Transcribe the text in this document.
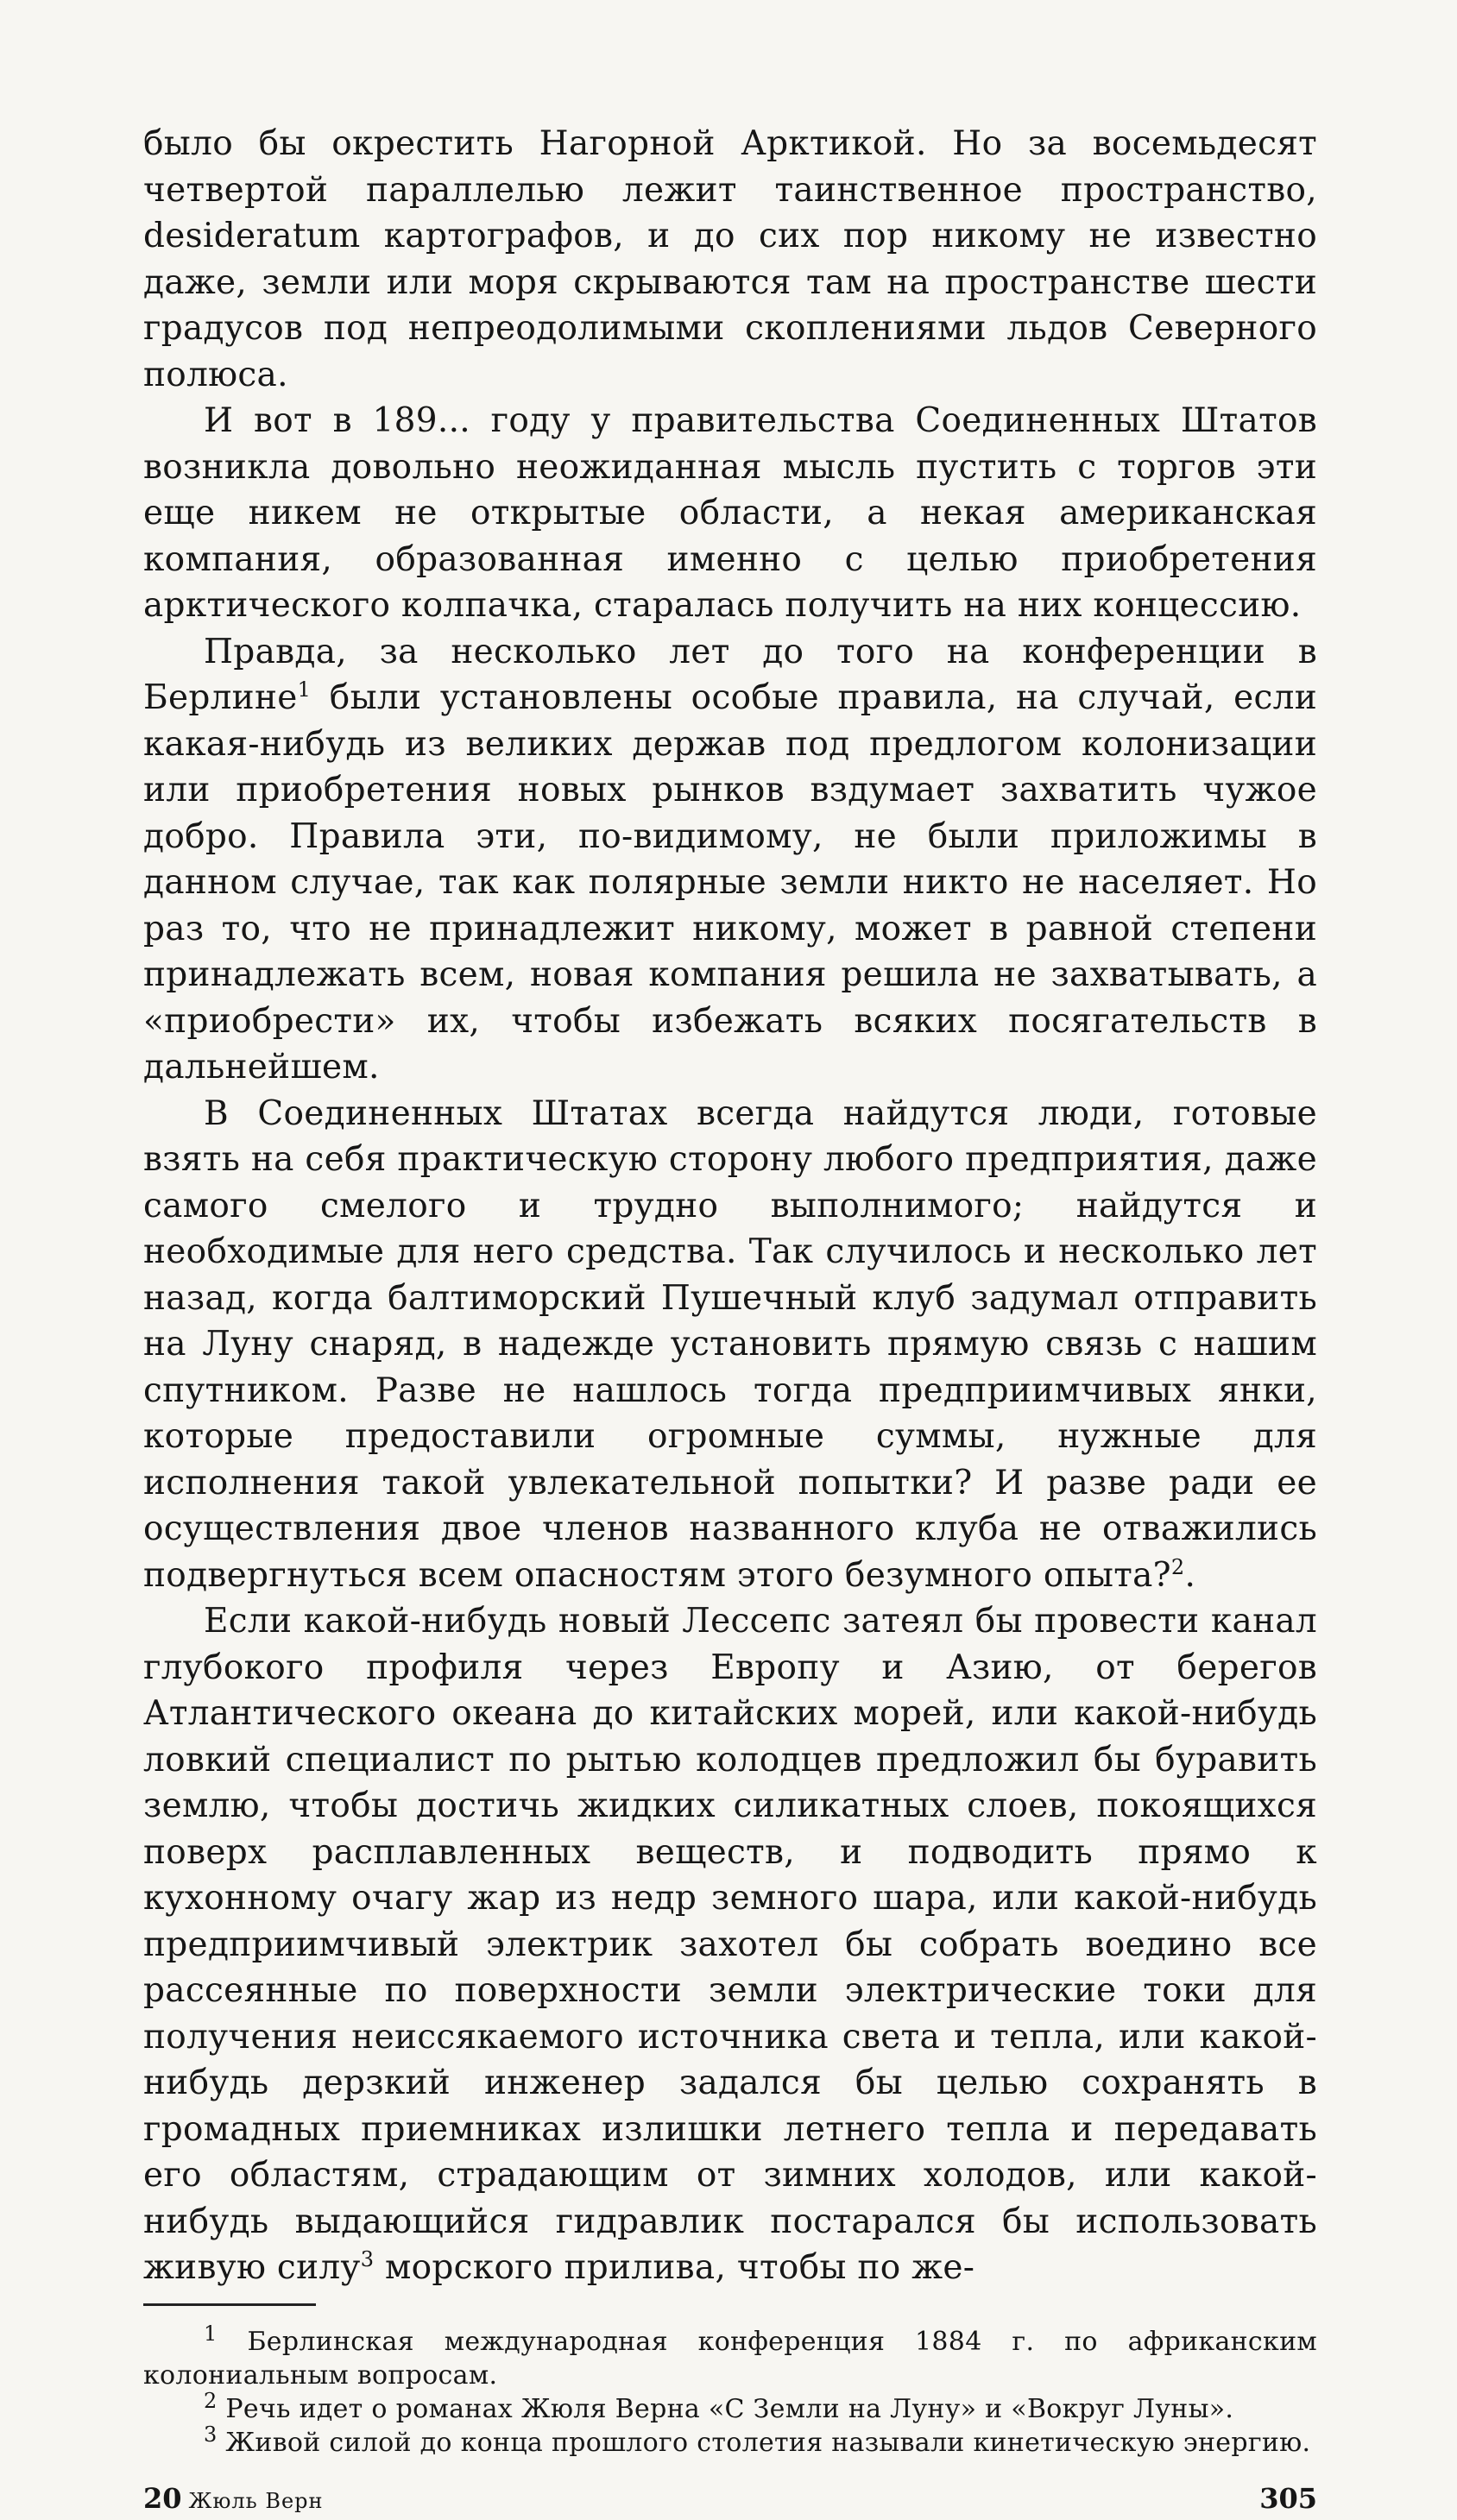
было бы окрестить Нагорной Арктикой. Но за восемьдесят четвертой параллелью лежит таинственное пространство, desideratum картографов, и до сих пор никому не известно даже, земли или моря скрываются там на пространстве шести градусов под непреодолимыми скоплениями льдов Северного полюса.

И вот в 189... году у правительства Соединенных Штатов возникла довольно неожиданная мысль пустить с торгов эти еще никем не открытые области, а некая американская компания, образованная именно с целью приобретения арктического колпачка, старалась получить на них концессию.

Правда, за несколько лет до того на конференции в Берлине$^1$ были установлены особые правила, на случай, если какая-нибудь из великих держав под предлогом колонизации или приобретения новых рынков вздумает захватить чужое добро. Правила эти, по-видимому, не были приложимы в данном случае, так как полярные земли никто не населяет. Но раз то, что не принадлежит никому, может в равной степени принадлежать всем, новая компания решила не захватывать, а «приобрести» их, чтобы избежать всяких посягательств в дальнейшем.

В Соединенных Штатах всегда найдутся люди, готовые взять на себя практическую сторону любого предприятия, даже самого смелого и трудно выполнимого; найдутся и необходимые для него средства. Так случилось и несколько лет назад, когда балтиморский Пушечный клуб задумал отправить на Луну снаряд, в надежде установить прямую связь с нашим спутником. Разве не нашлось тогда предприимчивых янки, которые предоставили огромные суммы, нужные для исполнения такой увлекательной попытки? И разве ради ее осуществления двое членов названного клуба не отважились подвергнуться всем опасностям этого безумного опыта?$^2$.

Если какой-нибудь новый Лессепс затеял бы провести канал глубокого профиля через Европу и Азию, от берегов Атлантического океана до китайских морей, или какой-нибудь ловкий специалист по рытью колодцев предложил бы буравить землю, чтобы достичь жидких силикатных слоев, покоящихся поверх расплавленных веществ, и подводить прямо к кухонному очагу жар из недр земного шара, или какой-нибудь предприимчивый электрик захотел бы собрать воедино все рассеянные по поверхности земли электрические токи для получения неиссякаемого источника света и тепла, или какой-нибудь дерзкий инженер задался бы целью сохранять в громадных приемниках излишки летнего тепла и передавать его областям, страдающим от зимних холодов, или какой-нибудь выдающийся гидравлик постарался бы использовать живую силу$^3$ морского прилива, чтобы по же-

$^1$ Берлинская международная конференция 1884 г. по африканским колониальным вопросам.

$^2$ Речь идет о романах Жюля Верна «С Земли на Луну» и «Вокруг Луны».

$^3$ Живой силой до конца прошлого столетия называли кинетическую энергию.

20 Жюль Верн	305
